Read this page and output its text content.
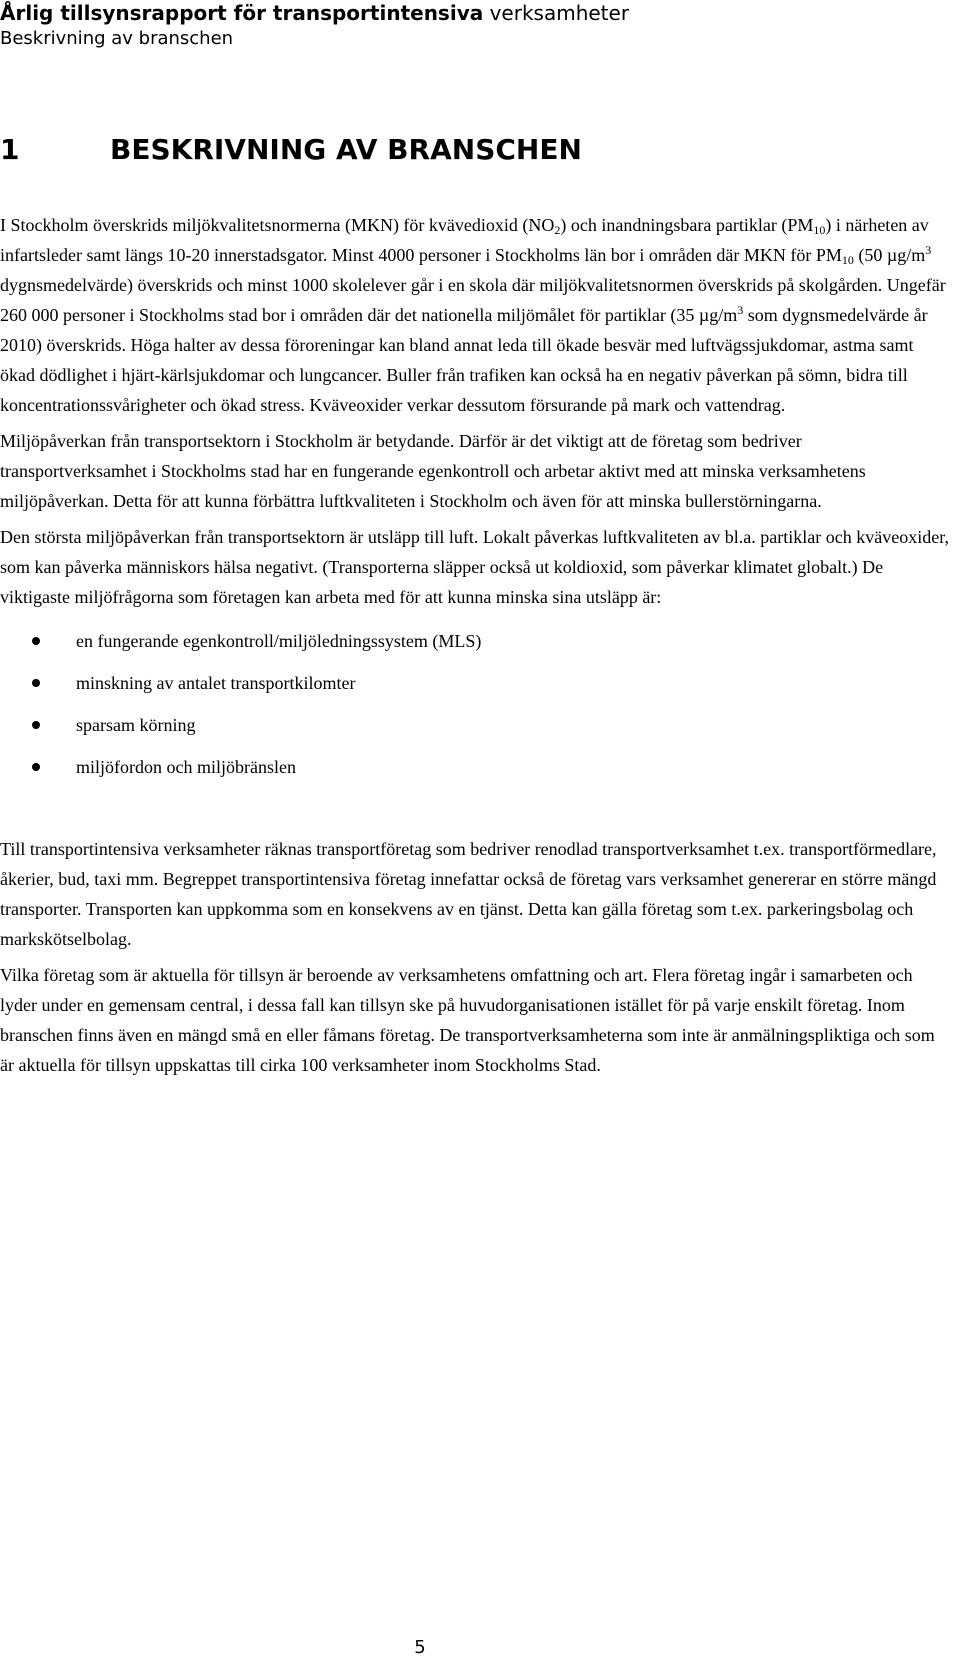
Årlig tillsynsrapport för transportintensiva verksamheter
Beskrivning av branschen
1	BESKRIVNING AV BRANSCHEN

I Stockholm överskrids miljökvalitetsnormerna (MKN) för kvävedioxid $(NO_2)$ och inandningsbara partiklar $(PM_{10})$ i närheten av infartsleder samt längs 10-20 innerstadsgator. Minst 4000 personer i Stockholms län bor i områden där MKN för $PM_{10}$ (50 $\mu g/m^3$ dygnsmedelvärde) överskrids och minst 1000 skolelever går i en skola där miljökvalitetsnormen överskrids på skolgården. Ungefär 260 000 personer i Stockholms stad bor i områden där det nationella miljömålet för partiklar (35 $\mu g/m^3$ som dygnsmedelvärde år 2010) överskrids. Höga halter av dessa föroreningar kan bland annat leda till ökade besvär med luftvägssjukdomar, astma samt ökad dödlighet i hjärt-kärlsjukdomar och lungcancer. Buller från trafiken kan också ha en negativ påverkan på sömn, bidra till koncentrationssvårigheter och ökad stress. Kväveoxider verkar dessutom försurande på mark och vattendrag.

Miljöpåverkan från transportsektorn i Stockholm är betydande. Därför är det viktigt att de företag som bedriver transportverksamhet i Stockholms stad har en fungerande egenkontroll och arbetar aktivt med att minska verksamhetens miljöpåverkan. Detta för att kunna förbättra luftkvaliteten i Stockholm och även för att minska bullerstörningarna.

Den största miljöpåverkan från transportsektorn är utsläpp till luft. Lokalt påverkas luftkvaliteten av bl.a. partiklar och kväveoxider, som kan påverka människors hälsa negativt. (Transporterna släpper också ut koldioxid, som påverkar klimatet globalt.) De viktigaste miljöfrågorna som företagen kan arbeta med för att kunna minska sina utsläpp är:

en fungerande egenkontroll/miljöledningssystem (MLS)
minskning av antalet transportkilomter
sparsam körning
miljöfordon och miljöbränslen

Till transportintensiva verksamheter räknas transportföretag som bedriver renodlad transportverksamhet t.ex. transportförmedlare, åkerier, bud, taxi mm. Begreppet transportintensiva företag innefattar också de företag vars verksamhet genererar en större mängd transporter. Transporten kan uppkomma som en konsekvens av en tjänst. Detta kan gälla företag som t.ex. parkeringsbolag och markskötselbolag.

Vilka företag som är aktuella för tillsyn är beroende av verksamhetens omfattning och art. Flera företag ingår i samarbeten och lyder under en gemensam central, i dessa fall kan tillsyn ske på huvudorganisationen istället för på varje enskilt företag. Inom branschen finns även en mängd små en eller fåmans företag. De transportverksamheterna som inte är anmälningspliktiga och som är aktuella för tillsyn uppskattas till cirka 100 verksamheter inom Stockholms Stad.

5
